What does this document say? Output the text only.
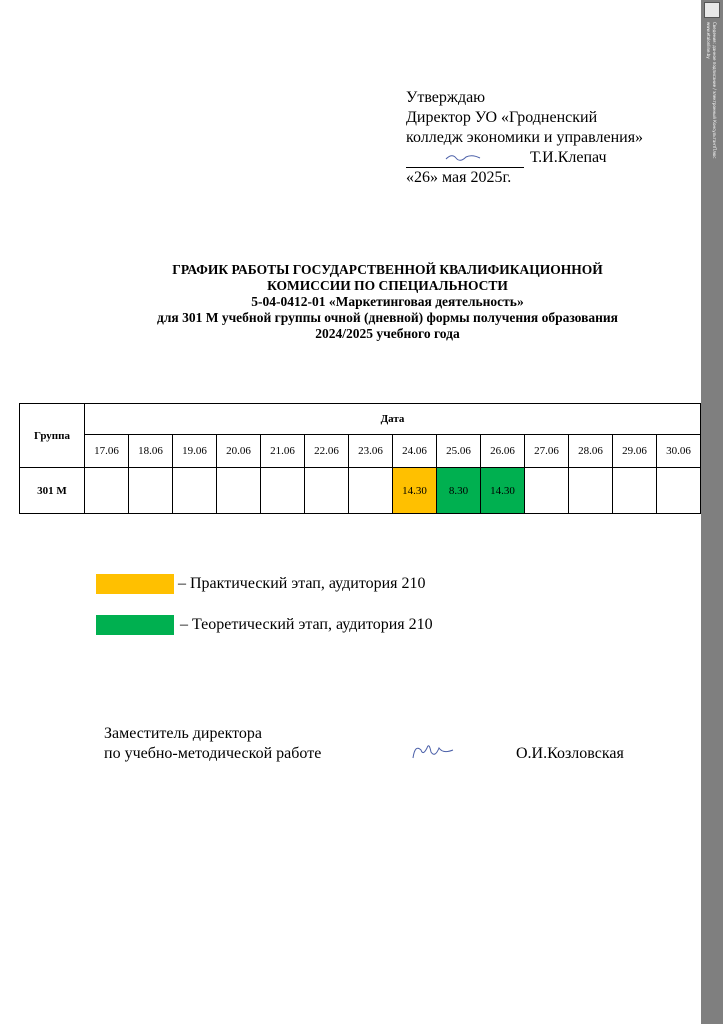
Утверждаю
Директор УО «Гродненский
колледж экономики и управления»
Т.И.Клепач
«26» мая 2025г.
ГРАФИК РАБОТЫ ГОСУДАРСТВЕННОЙ КВАЛИФИКАЦИОННОЙ
КОМИССИИ ПО СПЕЦИАЛЬНОСТИ
5-04-0412-01 «Маркетинговая деятельность»
для 301 М учебной группы очной (дневной) формы получения образования
2024/2025 учебного года
Группа	Дата													
	17.06	18.06	19.06	20.06	21.06	22.06	23.06	24.06	25.06	26.06	27.06	28.06	29.06	30.06
301 М								14.30	8.30	14.30				
– Практический этап, аудитория 210
– Теоретический этап, аудитория 210
Заместитель директора
по учебно-методической работе	О.И.Козловская
Сведения: данное подписание / электронный КонсультантПлюс
www.etalonline.by
